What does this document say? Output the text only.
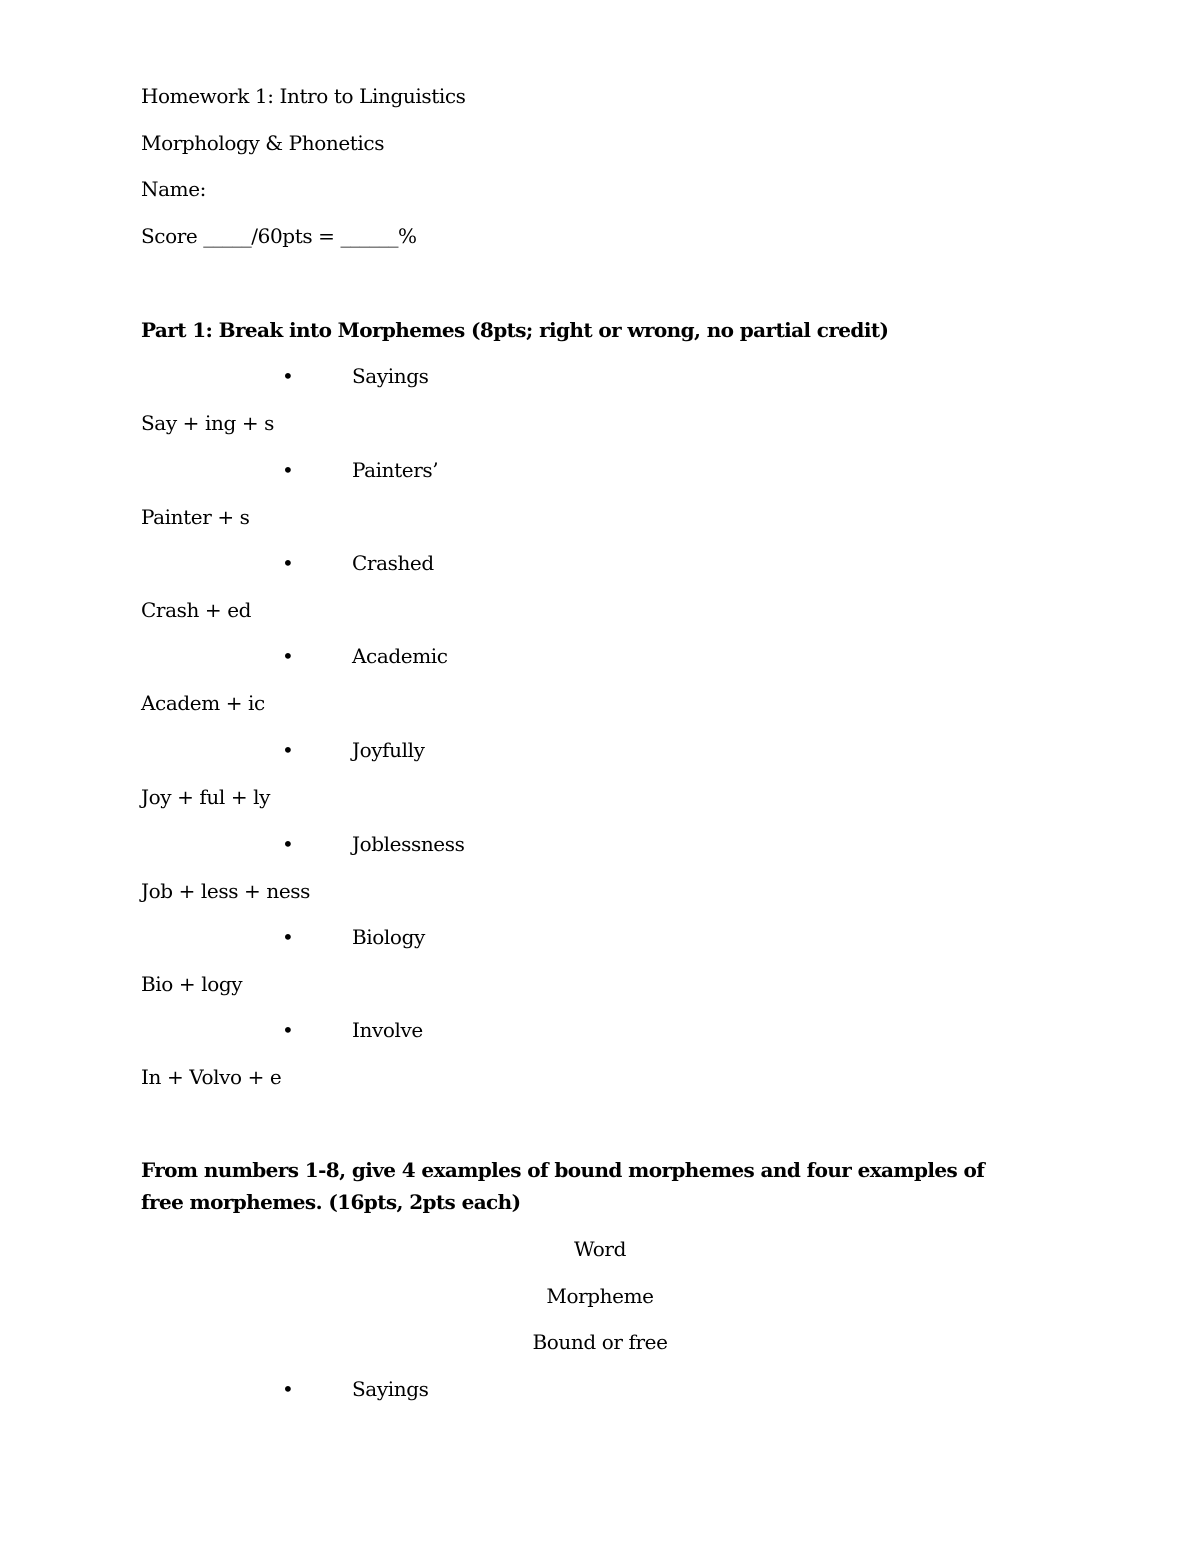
Homework 1: Intro to Linguistics
Morphology & Phonetics
Name:
Score _____/60pts = ______%
Part 1: Break into Morphemes (8pts; right or wrong, no partial credit)
•	Sayings
Say + ing + s
•	Painters’
Painter + s
•	Crashed
Crash + ed
•	Academic
Academ + ic
•	Joyfully
Joy + ful + ly
•	Joblessness
Job + less + ness
•	Biology
Bio + logy
•	Involve
In + Volvo + e
From numbers 1-8, give 4 examples of bound morphemes and four examples of free morphemes. (16pts, 2pts each)
Word
Morpheme
Bound or free
•	Sayings
